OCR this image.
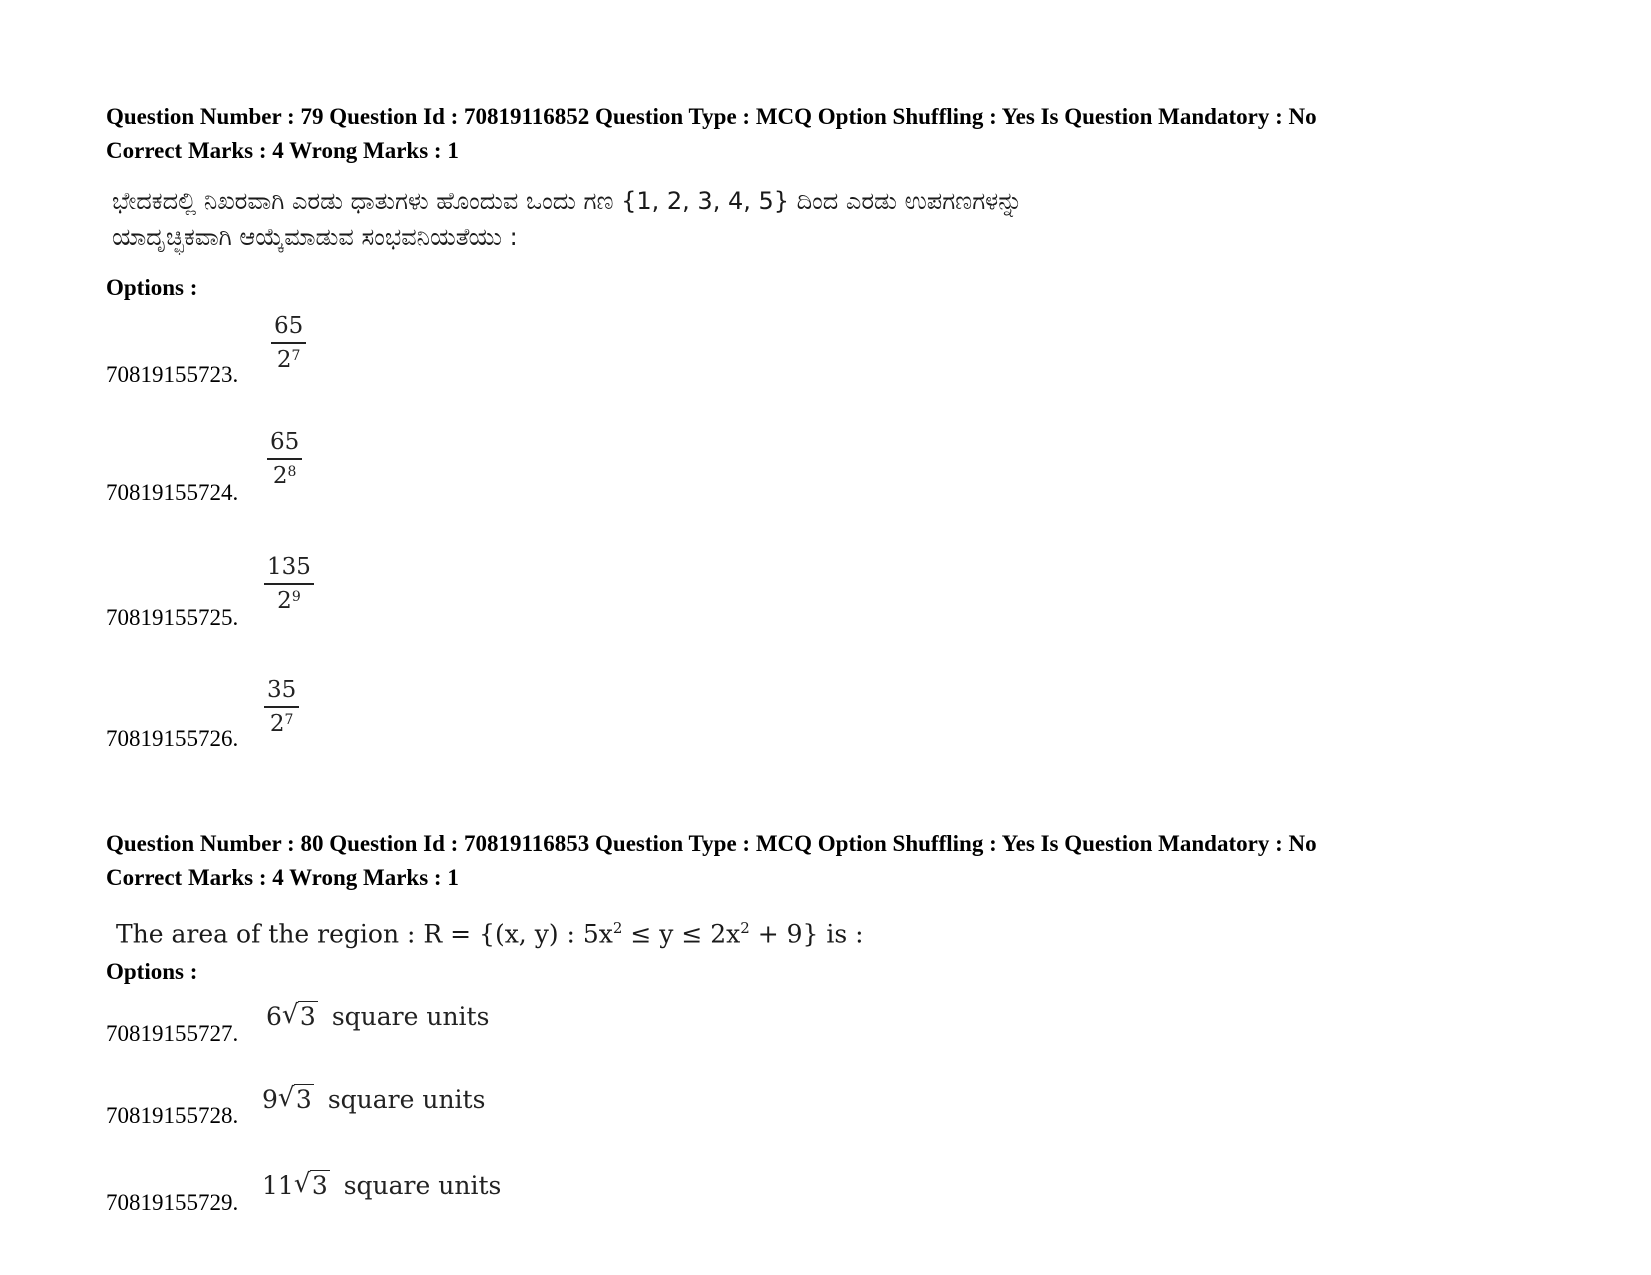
Question Number : 79 Question Id : 70819116852 Question Type : MCQ Option Shuffling : Yes Is Question Mandatory : No
Correct Marks : 4 Wrong Marks : 1
ಭೇದಕದಲ್ಲಿ ನಿಖರವಾಗಿ ಎರಡು ಧಾತುಗಳು ಹೊಂದುವ ಒಂದು ಗಣ {1, 2, 3, 4, 5} ದಿಂದ ಎರಡು ಉಪಗಣಗಳನ್ನು
ಯಾದೃಚ್ಛಿಕವಾಗಿ ಆಯ್ಕೆಮಾಡುವ ಸಂಭವನಿಯತೆಯು :
Options :
70819155723.
65
$2^7$
70819155724.
65
$2^8$
70819155725.
135
$2^9$
70819155726.
35
$2^7$
Question Number : 80 Question Id : 70819116853 Question Type : MCQ Option Shuffling : Yes Is Question Mandatory : No
Correct Marks : 4 Wrong Marks : 1
The area of the region : R = {(x, y) : $5x^2 \le y \le 2x^2 + 9$} is :
Options :
70819155727.
6 √ 3 square units
70819155728.
9 √ 3 square units
70819155729.
11 √ 3 square units
